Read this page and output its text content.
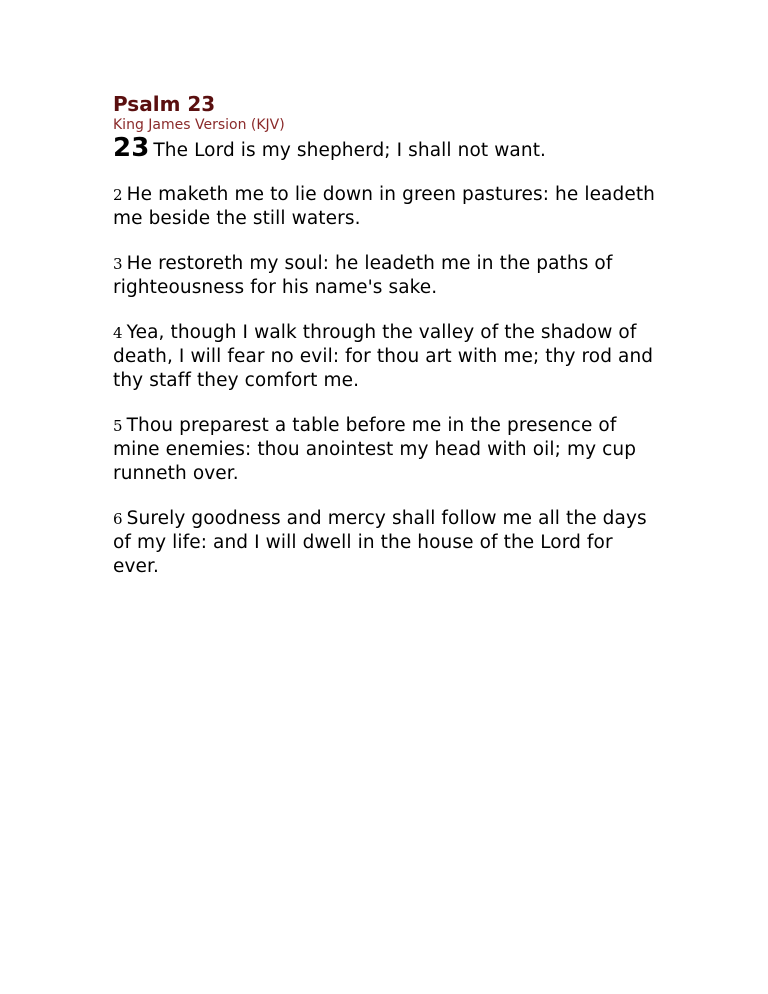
Psalm 23
King James Version (KJV)

23 The Lord is my shepherd; I shall not want.

2 He maketh me to lie down in green pastures: he leadeth me beside the still waters.

3 He restoreth my soul: he leadeth me in the paths of righteousness for his name's sake.

4 Yea, though I walk through the valley of the shadow of death, I will fear no evil: for thou art with me; thy rod and thy staff they comfort me.

5 Thou preparest a table before me in the presence of mine enemies: thou anointest my head with oil; my cup runneth over.

6 Surely goodness and mercy shall follow me all the days of my life: and I will dwell in the house of the Lord for ever.
